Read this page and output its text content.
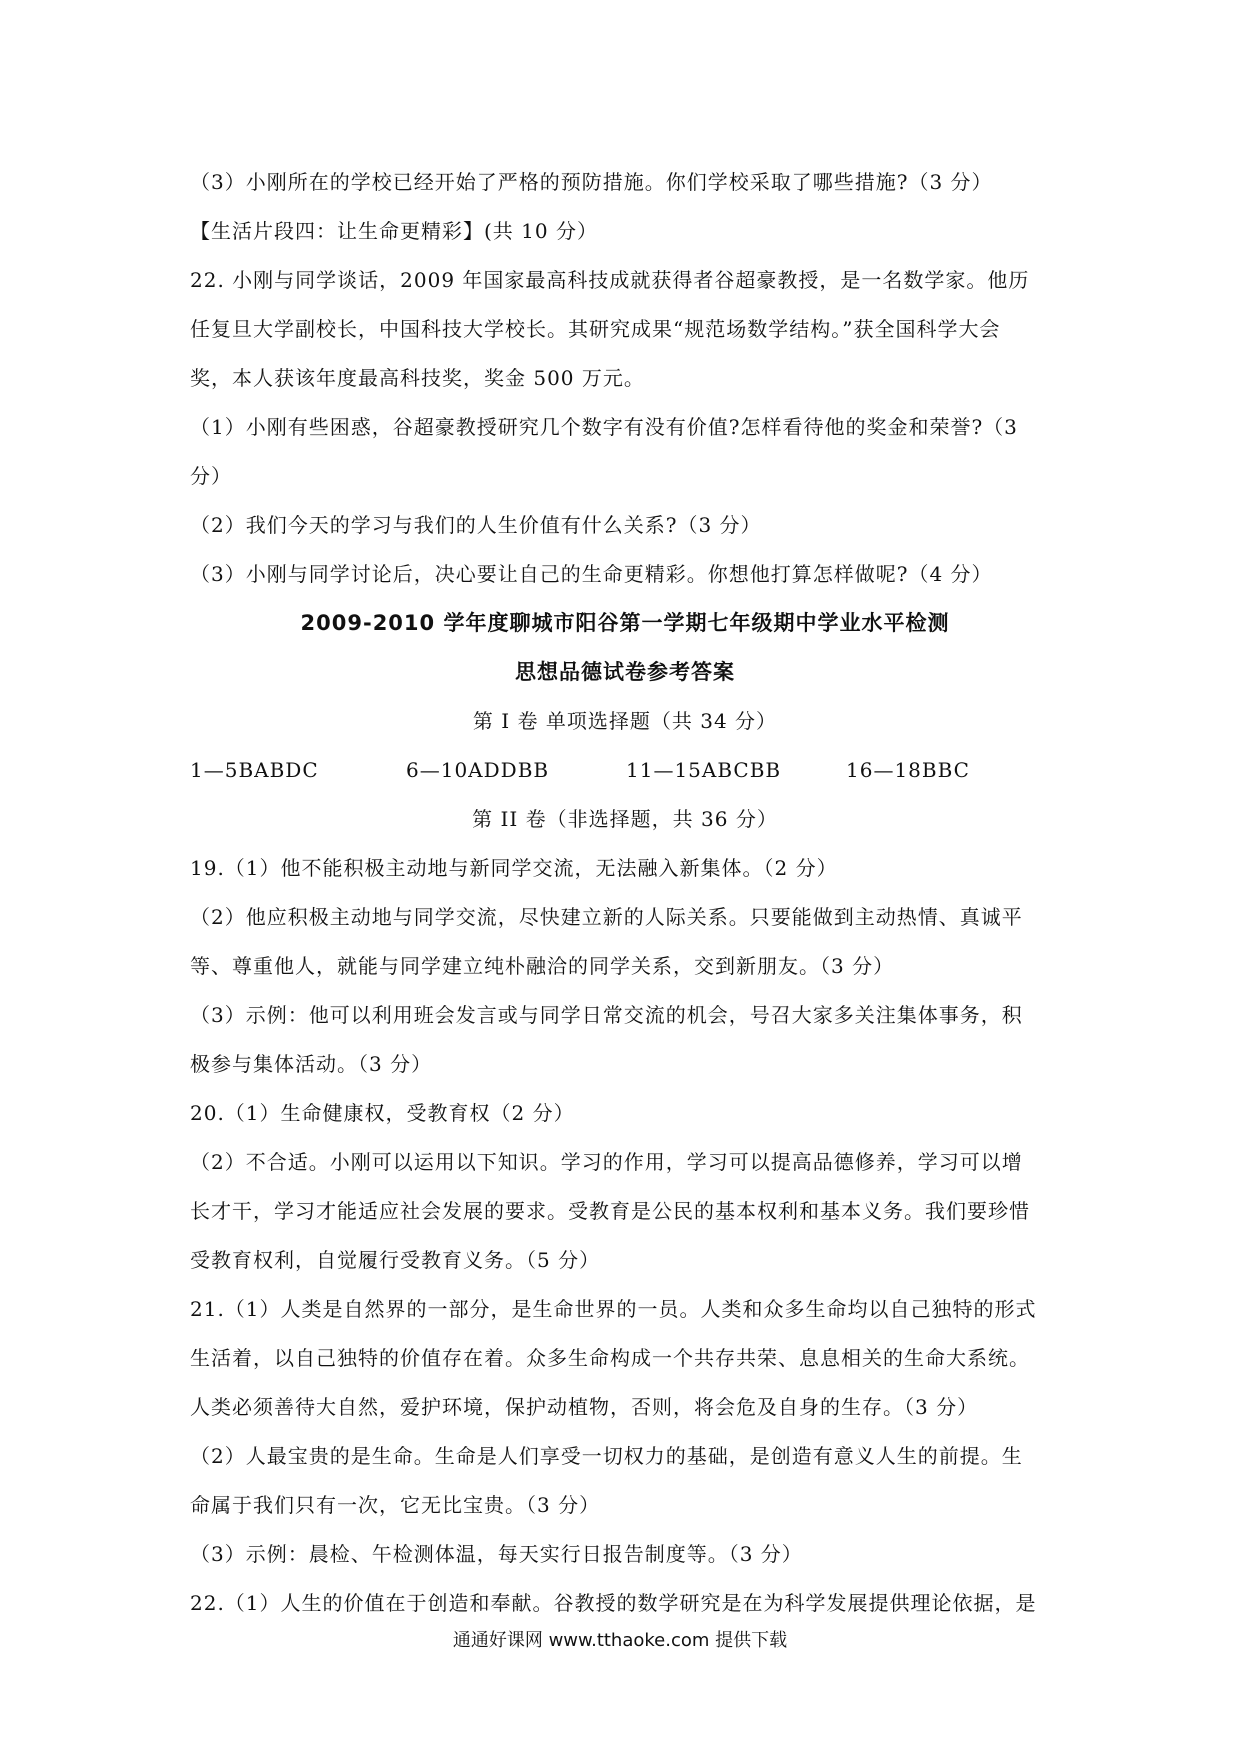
（3）小刚所在的学校已经开始了严格的预防措施。你们学校采取了哪些措施?（3 分）

【生活片段四：让生命更精彩】(共 10 分）

22. 小刚与同学谈话，2009 年国家最高科技成就获得者谷超豪教授，是一名数学家。他历

任复旦大学副校长，中国科技大学校长。其研究成果“规范场数学结构。”获全国科学大会

奖，本人获该年度最高科技奖，奖金 500 万元。

（1）小刚有些困惑，谷超豪教授研究几个数字有没有价值?怎样看待他的奖金和荣誉?（3

分）

（2）我们今天的学习与我们的人生价值有什么关系?（3 分）

（3）小刚与同学讨论后，决心要让自己的生命更精彩。你想他打算怎样做呢?（4 分）

2009-2010 学年度聊城市阳谷第一学期七年级期中学业水平检测

思想品德试卷参考答案

第 I 卷 单项选择题（共 34 分）

1—5BABDC	6—10ADDBB	11—15ABCBB	16—18BBC

第 II 卷（非选择题，共 36 分）

19.（1）他不能积极主动地与新同学交流，无法融入新集体。（2 分）

（2）他应积极主动地与同学交流，尽快建立新的人际关系。只要能做到主动热情、真诚平

等、尊重他人，就能与同学建立纯朴融洽的同学关系，交到新朋友。（3 分）

（3）示例：他可以利用班会发言或与同学日常交流的机会，号召大家多关注集体事务，积

极参与集体活动。（3 分）

20.（1）生命健康权，受教育权（2 分）

（2）不合适。小刚可以运用以下知识。学习的作用，学习可以提高品德修养，学习可以增

长才干，学习才能适应社会发展的要求。受教育是公民的基本权利和基本义务。我们要珍惜

受教育权利，自觉履行受教育义务。（5 分）

21.（1）人类是自然界的一部分，是生命世界的一员。人类和众多生命均以自己独特的形式

生活着，以自己独特的价值存在着。众多生命构成一个共存共荣、息息相关的生命大系统。

人类必须善待大自然，爱护环境，保护动植物，否则，将会危及自身的生存。（3 分）

（2）人最宝贵的是生命。生命是人们享受一切权力的基础，是创造有意义人生的前提。生

命属于我们只有一次，它无比宝贵。（3 分）

（3）示例：晨检、午检测体温，每天实行日报告制度等。（3 分）

22.（1）人生的价值在于创造和奉献。谷教授的数学研究是在为科学发展提供理论依据，是

通通好课网 www.tthaoke.com 提供下载
